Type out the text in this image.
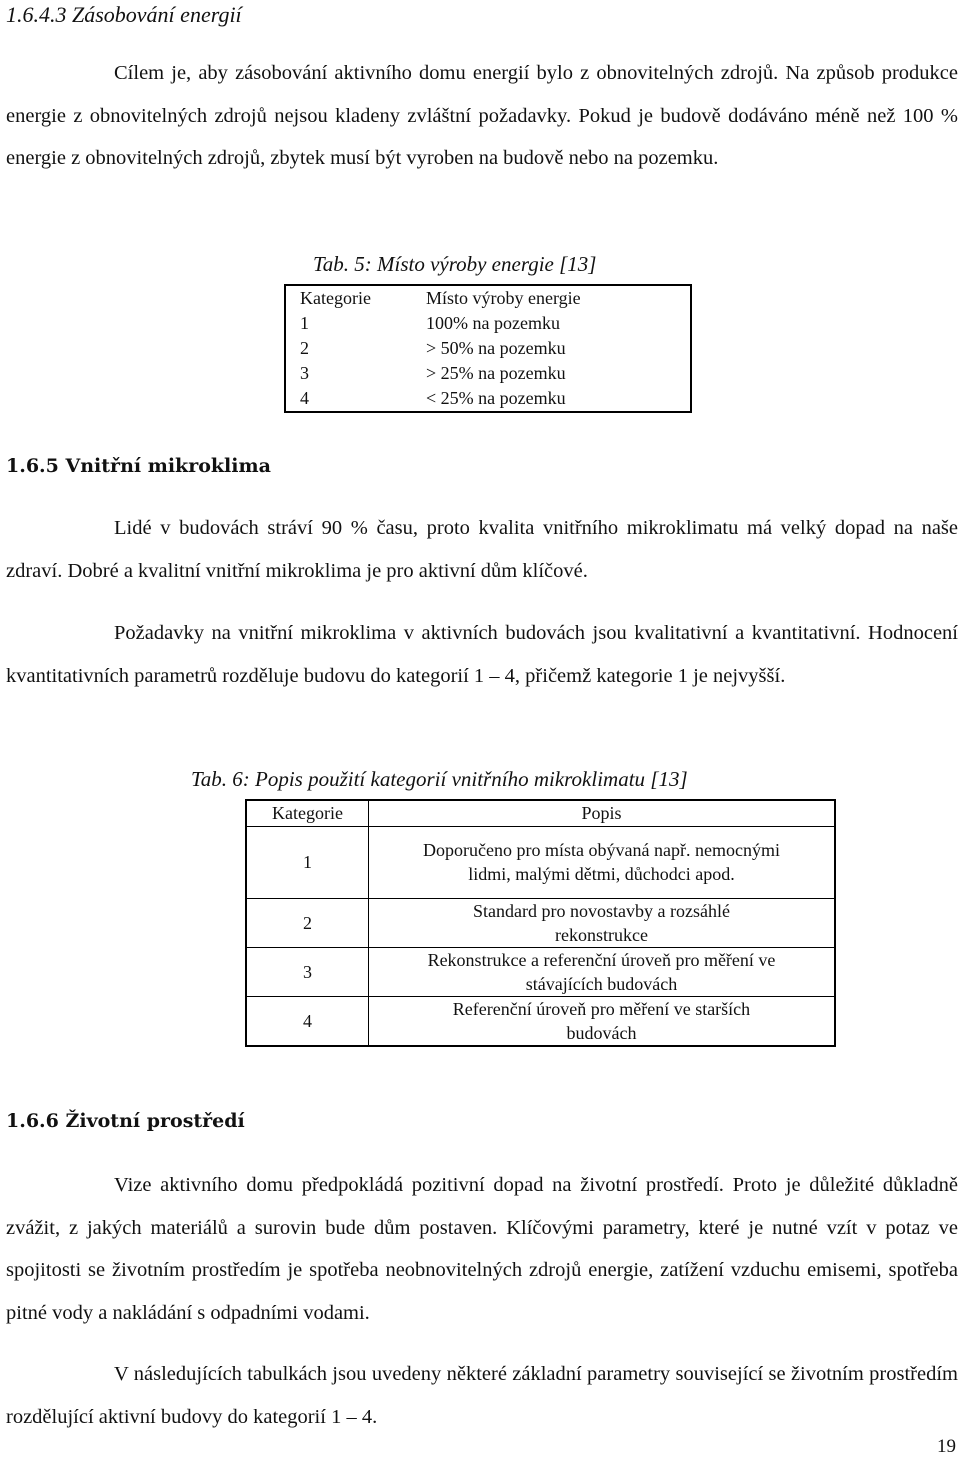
1.6.4.3 Zásobování energií
Cílem je, aby zásobování aktivního domu energií bylo z obnovitelných zdrojů. Na způsob produkce energie z obnovitelných zdrojů nejsou kladeny zvláštní požadavky. Pokud je budově dodáváno méně než 100 % energie z obnovitelných zdrojů, zbytek musí být vyroben na budově nebo na pozemku.
Tab. 5: Místo výroby energie [13]
Kategorie	Místo výroby energie
1	100% na pozemku
2	> 50% na pozemku
3	> 25% na pozemku
4	< 25% na pozemku
1.6.5 Vnitřní mikroklima
Lidé v budovách stráví 90 % času, proto kvalita vnitřního mikroklimatu má velký dopad na naše zdraví. Dobré a kvalitní vnitřní mikroklima je pro aktivní dům klíčové.
Požadavky na vnitřní mikroklima v aktivních budovách jsou kvalitativní a kvantitativní. Hodnocení kvantitativních parametrů rozděluje budovu do kategorií 1 – 4, přičemž kategorie 1 je nejvyšší.
Tab. 6: Popis použití kategorií vnitřního mikroklimatu [13]
Kategorie	Popis
1	Doporučeno pro místa obývaná např. nemocnými lidmi, malými dětmi, důchodci apod.
2	Standard pro novostavby a rozsáhlé rekonstrukce
3	Rekonstrukce a referenční úroveň pro měření ve stávajících budovách
4	Referenční úroveň pro měření ve starších budovách
1.6.6 Životní prostředí
Vize aktivního domu předpokládá pozitivní dopad na životní prostředí. Proto je důležité důkladně zvážit, z jakých materiálů a surovin bude dům postaven. Klíčovými parametry, které je nutné vzít v potaz ve spojitosti se životním prostředím je spotřeba neobnovitelných zdrojů energie, zatížení vzduchu emisemi, spotřeba pitné vody a nakládání s odpadními vodami.
V následujících tabulkách jsou uvedeny některé základní parametry související se životním prostředím rozdělující aktivní budovy do kategorií 1 – 4.
19
